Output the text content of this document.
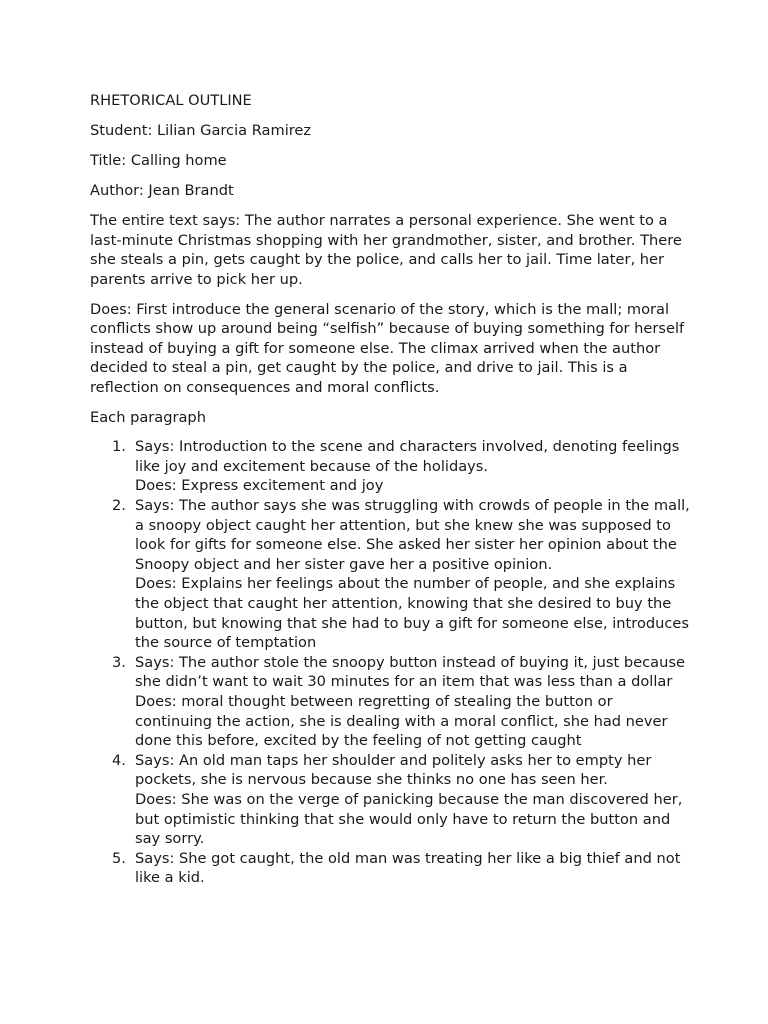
RHETORICAL OUTLINE

Student: Lilian Garcia Ramirez

Title: Calling home

Author: Jean Brandt

The entire text says: The author narrates a personal experience. She went to a last-minute Christmas shopping with her grandmother, sister, and brother. There she steals a pin, gets caught by the police, and calls her to jail. Time later, her parents arrive to pick her up.

Does: First introduce the general scenario of the story, which is the mall; moral conflicts show up around being “selfish” because of buying something for herself instead of buying a gift for someone else. The climax arrived when the author decided to steal a pin, get caught by the police, and drive to jail. This is a reflection on consequences and moral conflicts.

Each paragraph

1. Says: Introduction to the scene and characters involved, denoting feelings like joy and excitement because of the holidays.
Does: Express excitement and joy
2. Says: The author says she was struggling with crowds of people in the mall, a snoopy object caught her attention, but she knew she was supposed to look for gifts for someone else. She asked her sister her opinion about the Snoopy object and her sister gave her a positive opinion.
Does: Explains her feelings about the number of people, and she explains the object that caught her attention, knowing that she desired to buy the button, but knowing that she had to buy a gift for someone else, introduces the source of temptation
3. Says: The author stole the snoopy button instead of buying it, just because she didn’t want to wait 30 minutes for an item that was less than a dollar
Does: moral thought between regretting of stealing the button or continuing the action, she is dealing with a moral conflict, she had never done this before, excited by the feeling of not getting caught
4. Says: An old man taps her shoulder and politely asks her to empty her pockets, she is nervous because she thinks no one has seen her.
Does: She was on the verge of panicking because the man discovered her, but optimistic thinking that she would only have to return the button and say sorry.
5. Says: She got caught, the old man was treating her like a big thief and not like a kid.
